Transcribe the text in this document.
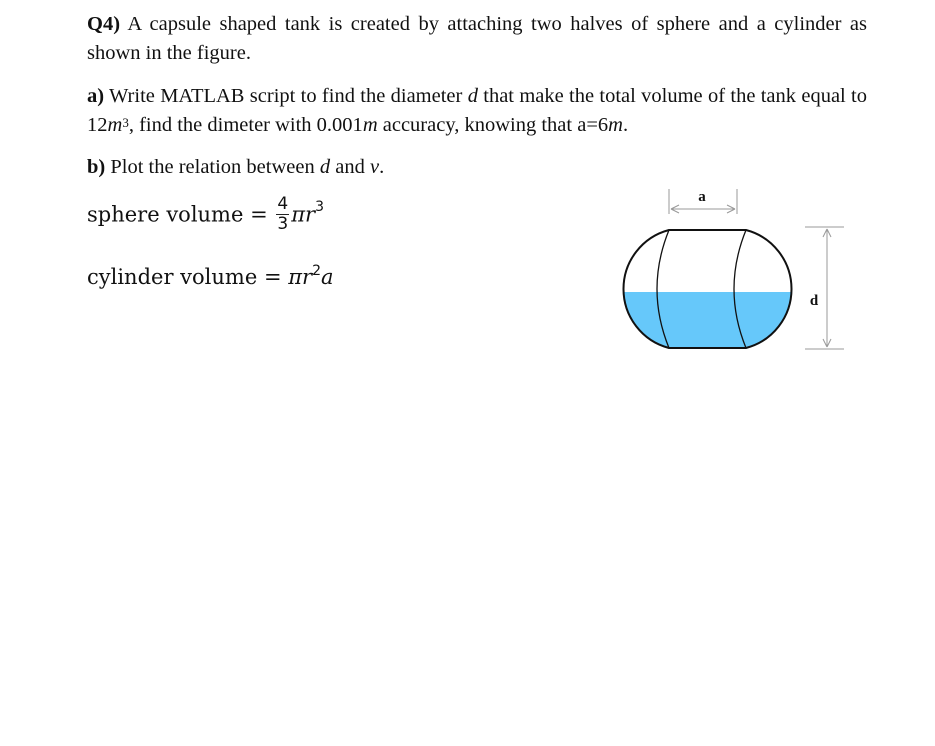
Q4) A capsule shaped tank is created by attaching two halves of sphere and a cylinder as shown in the figure.
a) Write MATLAB script to find the diameter d that make the total volume of the tank equal to $12m^3$, find the dimeter with 0.001m accuracy, knowing that a=6m.
b) Plot the relation between d and v.
sphere volume = $\frac{4}{3} \pi r^3$
cylinder volume = $\pi r^2a$
a
d
